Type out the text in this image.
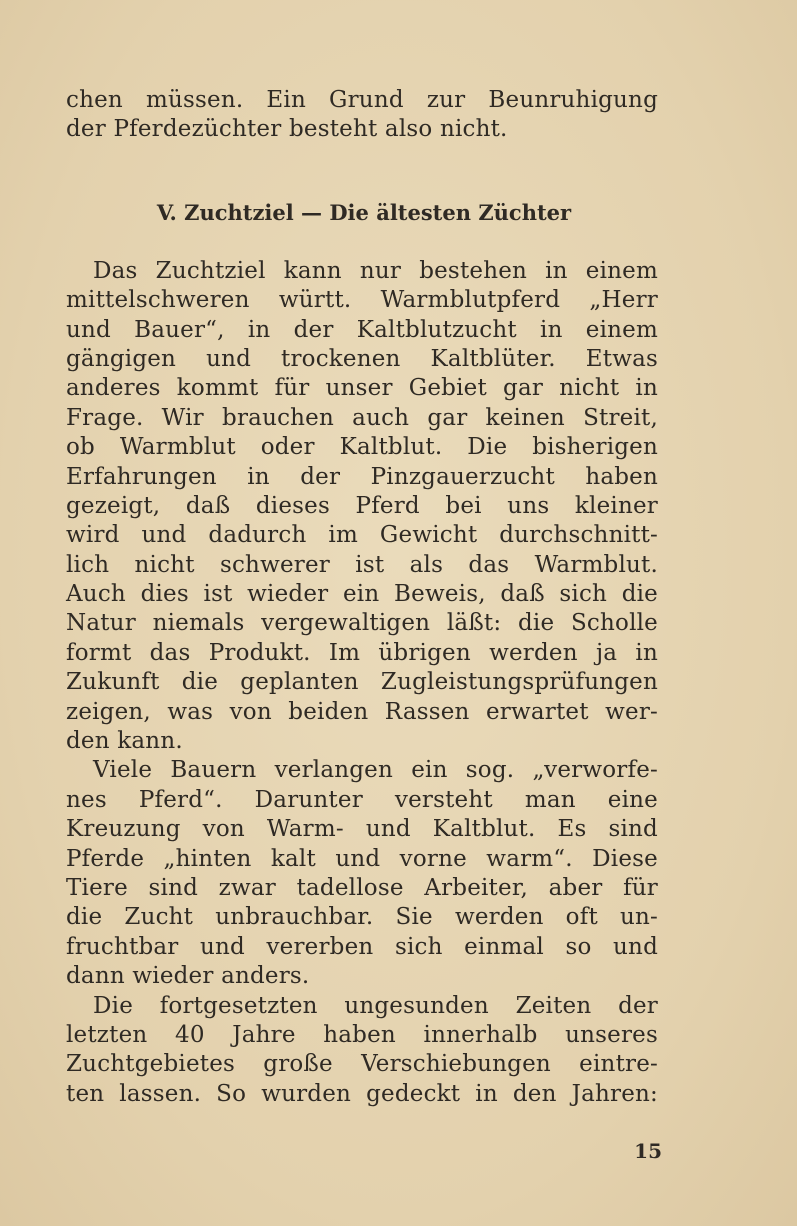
chen müssen. Ein Grund zur Beunruhigung
der Pferdezüchter besteht also nicht.
V. Zuchtziel — Die ältesten Züchter
Das Zuchtziel kann nur bestehen in einem
mittelschweren württ. Warmblutpferd „Herr
und Bauer“, in der Kaltblutzucht in einem
gängigen und trockenen Kaltblüter. Etwas
anderes kommt für unser Gebiet gar nicht in
Frage. Wir brauchen auch gar keinen Streit,
ob Warmblut oder Kaltblut. Die bisherigen
Erfahrungen in der Pinzgauerzucht haben
gezeigt, daß dieses Pferd bei uns kleiner
wird und dadurch im Gewicht durchschnitt-
lich nicht schwerer ist als das Warmblut.
Auch dies ist wieder ein Beweis, daß sich die
Natur niemals vergewaltigen läßt: die Scholle
formt das Produkt. Im übrigen werden ja in
Zukunft die geplanten Zugleistungsprüfungen
zeigen, was von beiden Rassen erwartet wer-
den kann.
Viele Bauern verlangen ein sog. „verworfe-
nes Pferd“. Darunter versteht man eine
Kreuzung von Warm- und Kaltblut. Es sind
Pferde „hinten kalt und vorne warm“. Diese
Tiere sind zwar tadellose Arbeiter, aber für
die Zucht unbrauchbar. Sie werden oft un-
fruchtbar und vererben sich einmal so und
dann wieder anders.
Die fortgesetzten ungesunden Zeiten der
letzten 40 Jahre haben innerhalb unseres
Zuchtgebietes große Verschiebungen eintre-
ten lassen. So wurden gedeckt in den Jahren:
15
